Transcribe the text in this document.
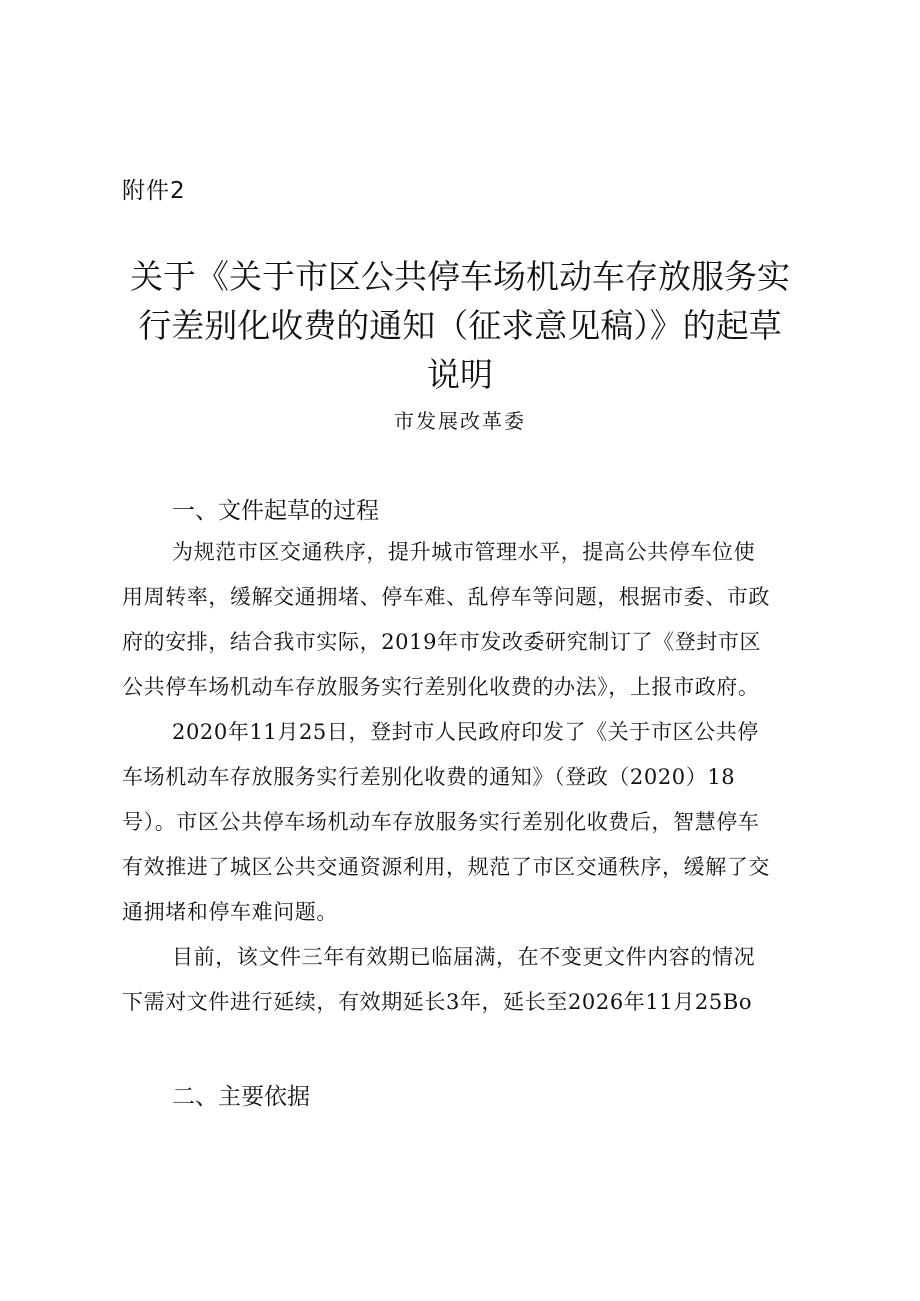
附件2
关于《关于市区公共停车场机动车存放服务实
行差别化收费的通知（征求意见稿）》的起草
说明
市发展改革委
一、文件起草的过程
为规范市区交通秩序，提升城市管理水平，提高公共停车位使
用周转率，缓解交通拥堵、停车难、乱停车等问题，根据市委、市政
府的安排，结合我市实际，2019年市发改委研究制订了《登封市区
公共停车场机动车存放服务实行差别化收费的办法》，上报市政府。
2020年11月25日，登封市人民政府印发了《关于市区公共停
车场机动车存放服务实行差别化收费的通知》（登政（2020）18
号）。市区公共停车场机动车存放服务实行差别化收费后，智慧停车
有效推进了城区公共交通资源利用，规范了市区交通秩序，缓解了交
通拥堵和停车难问题。
目前，该文件三年有效期已临届满，在不变更文件内容的情况
下需对文件进行延续，有效期延长3年，延长至2026年11月25Bo
二、主要依据
